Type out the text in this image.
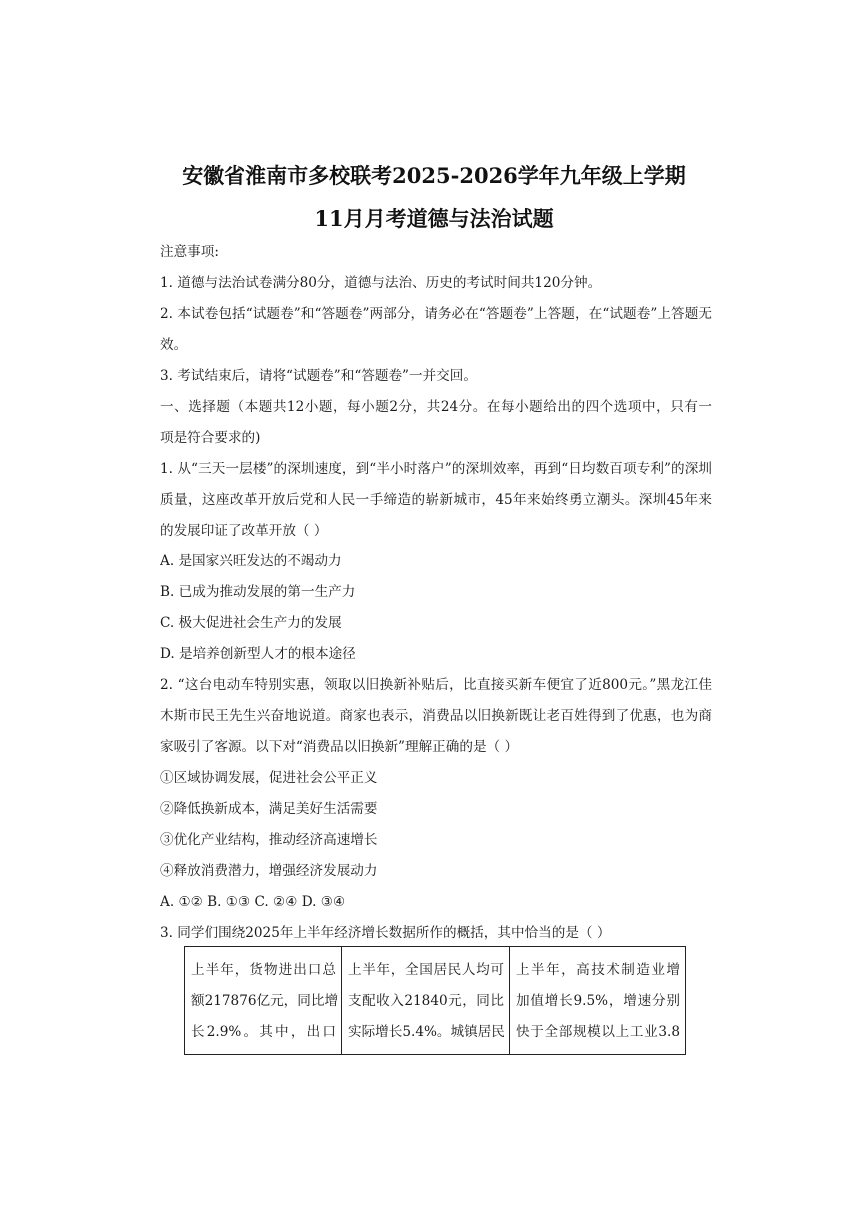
安徽省淮南市多校联考2025-2026学年九年级上学期
11月月考道德与法治试题
注意事项:
1. 道德与法治试卷满分80分，道德与法治、历史的考试时间共120分钟。
2. 本试卷包括“试题卷”和“答题卷”两部分，请务必在“答题卷”上答题，在“试题卷”上答题无
效。
3. 考试结束后，请将“试题卷”和“答题卷”一并交回。
一、选择题（本题共12小题，每小题2分，共24分。在每小题给出的四个选项中，只有一
项是符合要求的)
1. 从“三天一层楼”的深圳速度，到“半小时落户”的深圳效率，再到“日均数百项专利”的深圳
质量，这座改革开放后党和人民一手缔造的崭新城市，45年来始终勇立潮头。深圳45年来
的发展印证了改革开放（ ）
A. 是国家兴旺发达的不竭动力
B. 已成为推动发展的第一生产力
C. 极大促进社会生产力的发展
D. 是培养创新型人才的根本途径
2. “这台电动车特别实惠，领取以旧换新补贴后，比直接买新车便宜了近800元。”黑龙江佳
木斯市民王先生兴奋地说道。商家也表示，消费品以旧换新既让老百姓得到了优惠，也为商
家吸引了客源。以下对“消费品以旧换新”理解正确的是（ ）
①区域协调发展，促进社会公平正义
②降低换新成本，满足美好生活需要
③优化产业结构，推动经济高速增长
④释放消费潜力，增强经济发展动力
A. ①② B. ①③ C. ②④ D. ③④
3. 同学们围绕2025年上半年经济增长数据所作的概括，其中恰当的是（ ）
上半年，货物进出口总
额217876亿元，同比增
长2.9%。其中，出口

上半年，全国居民人均可
支配收入21840元，同比
实际增长5.4%。城镇居民

上半年，高技术制造业增
加值增长9.5%，增速分别
快于全部规模以上工业3.8
